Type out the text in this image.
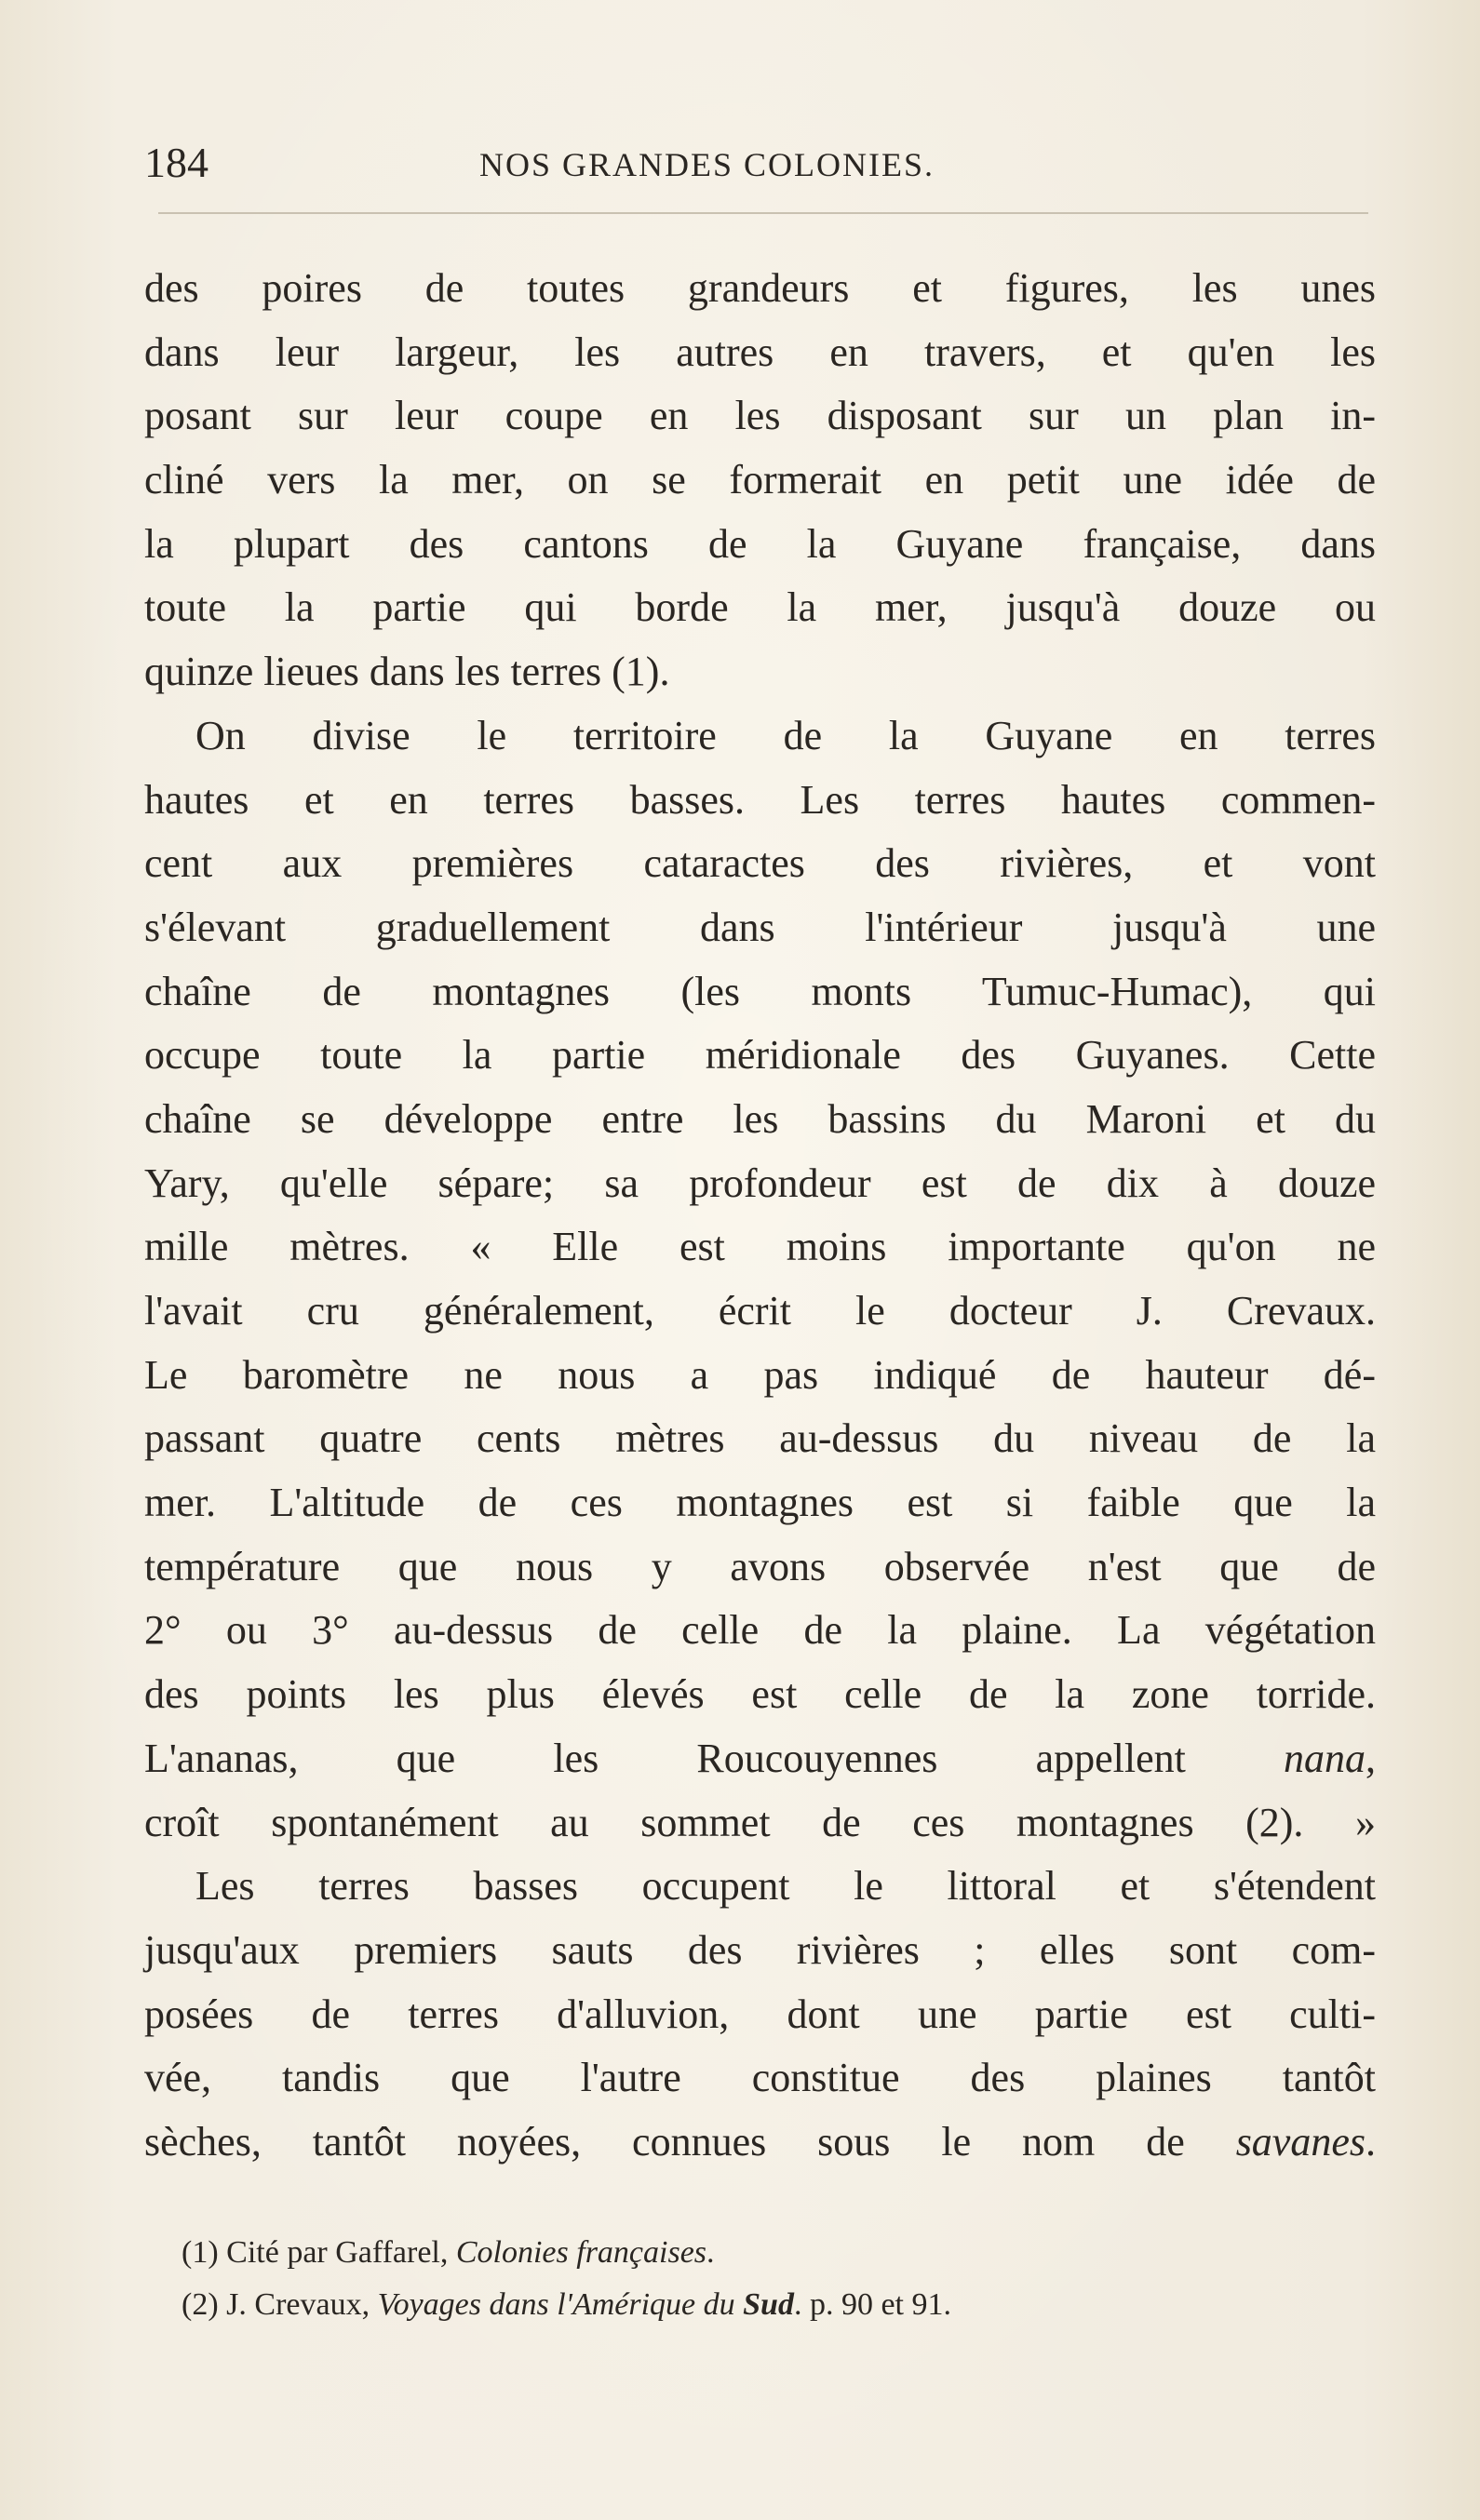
184	NOS GRANDES COLONIES.
des poires de toutes grandeurs et figures, les unes
dans leur largeur, les autres en travers, et qu'en les
posant sur leur coupe en les disposant sur un plan in-
cliné vers la mer, on se formerait en petit une idée de
la plupart des cantons de la Guyane française, dans
toute la partie qui borde la mer, jusqu'à douze ou
quinze lieues dans les terres (1).
On divise le territoire de la Guyane en terres
hautes et en terres basses. Les terres hautes commen-
cent aux premières cataractes des rivières, et vont
s'élevant graduellement dans l'intérieur jusqu'à une
chaîne de montagnes (les monts Tumuc-Humac), qui
occupe toute la partie méridionale des Guyanes. Cette
chaîne se développe entre les bassins du Maroni et du
Yary, qu'elle sépare; sa profondeur est de dix à douze
mille mètres. « Elle est moins importante qu'on ne
l'avait cru généralement, écrit le docteur J. Crevaux.
Le baromètre ne nous a pas indiqué de hauteur dé-
passant quatre cents mètres au-dessus du niveau de la
mer. L'altitude de ces montagnes est si faible que la
température que nous y avons observée n'est que de
2° ou 3° au-dessus de celle de la plaine. La végétation
des points les plus élevés est celle de la zone torride.
L'ananas, que les Roucouyennes appellent nana,
croît spontanément au sommet de ces montagnes (2). »
Les terres basses occupent le littoral et s'étendent
jusqu'aux premiers sauts des rivières ; elles sont com-
posées de terres d'alluvion, dont une partie est culti-
vée, tandis que l'autre constitue des plaines tantôt
sèches, tantôt noyées, connues sous le nom de savanes.
(1) Cité par Gaffarel, Colonies françaises.
(2) J. Crevaux, Voyages dans l'Amérique du Sud. p. 90 et 91.
